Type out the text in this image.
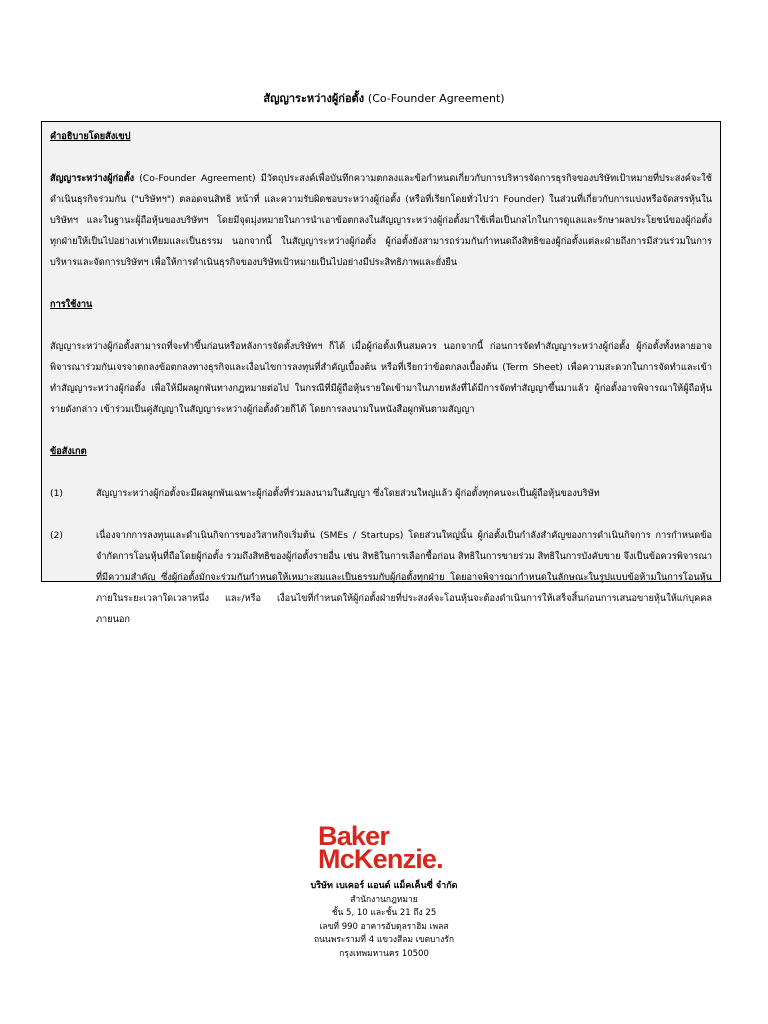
สัญญาระหว่างผู้ก่อตั้ง (Co-Founder Agreement)

คำอธิบายโดยสังเขป

สัญญาระหว่างผู้ก่อตั้ง (Co-Founder Agreement) มีวัตถุประสงค์เพื่อบันทึกความตกลงและข้อกำหนดเกี่ยวกับการบริหารจัดการธุรกิจของบริษัทเป้าหมายที่ประสงค์จะใช้ดำเนินธุรกิจร่วมกัน ("บริษัทฯ") ตลอดจนสิทธิ หน้าที่ และความรับผิดชอบระหว่างผู้ก่อตั้ง (หรือที่เรียกโดยทั่วไปว่า Founder) ในส่วนที่เกี่ยวกับการแบ่งหรือจัดสรรหุ้นในบริษัทฯ และในฐานะผู้ถือหุ้นของบริษัทฯ โดยมีจุดมุ่งหมายในการนำเอาข้อตกลงในสัญญาระหว่างผู้ก่อตั้งมาใช้เพื่อเป็นกลไกในการดูแลและรักษาผลประโยชน์ของผู้ก่อตั้งทุกฝ่ายให้เป็นไปอย่างเท่าเทียมและเป็นธรรม นอกจากนี้ ในสัญญาระหว่างผู้ก่อตั้ง ผู้ก่อตั้งยังสามารถร่วมกันกำหนดถึงสิทธิของผู้ก่อตั้งแต่ละฝ่ายถึงการมีส่วนร่วมในการบริหารและจัดการบริษัทฯ เพื่อให้การดำเนินธุรกิจของบริษัทเป้าหมายเป็นไปอย่างมีประสิทธิภาพและยั่งยืน

การใช้งาน

สัญญาระหว่างผู้ก่อตั้งสามารถที่จะทำขึ้นก่อนหรือหลังการจัดตั้งบริษัทฯ ก็ได้ เมื่อผู้ก่อตั้งเห็นสมควร นอกจากนี้ ก่อนการจัดทำสัญญาระหว่างผู้ก่อตั้ง ผู้ก่อตั้งทั้งหลายอาจพิจารณาร่วมกันเจรจาตกลงข้อตกลงทางธุรกิจและเงื่อนไขการลงทุนที่สำคัญเบื้องต้น หรือที่เรียกว่าข้อตกลงเบื้องต้น (Term Sheet) เพื่อความสะดวกในการจัดทำและเข้าทำสัญญาระหว่างผู้ก่อตั้ง เพื่อให้มีผลผูกพันทางกฎหมายต่อไป ในกรณีที่มีผู้ถือหุ้นรายใดเข้ามาในภายหลังที่ได้มีการจัดทำสัญญาขึ้นมาแล้ว ผู้ก่อตั้งอาจพิจารณาให้ผู้ถือหุ้นรายดังกล่าว เข้าร่วมเป็นคู่สัญญาในสัญญาระหว่างผู้ก่อตั้งด้วยก็ได้ โดยการลงนามในหนังสือผูกพันตามสัญญา

ข้อสังเกต

(1)	สัญญาระหว่างผู้ก่อตั้งจะมีผลผูกพันเฉพาะผู้ก่อตั้งที่ร่วมลงนามในสัญญา ซึ่งโดยส่วนใหญ่แล้ว ผู้ก่อตั้งทุกคนจะเป็นผู้ถือหุ้นของบริษัท
(2)	เนื่องจากการลงทุนและดำเนินกิจการของวิสาหกิจเริ่มต้น (SMEs / Startups) โดยส่วนใหญ่นั้น ผู้ก่อตั้งเป็นกำลังสำคัญของการดำเนินกิจการ การกำหนดข้อจำกัดการโอนหุ้นที่ถือโดยผู้ก่อตั้ง รวมถึงสิทธิของผู้ก่อตั้งรายอื่น เช่น สิทธิในการเลือกซื้อก่อน สิทธิในการขายร่วม สิทธิในการบังคับขาย จึงเป็นข้อควรพิจารณาที่มีความสำคัญ ซึ่งผู้ก่อตั้งมักจะร่วมกันกำหนดให้เหมาะสมและเป็นธรรมกับผู้ก่อตั้งทุกฝ่าย โดยอาจพิจารณากำหนดในลักษณะในรูปแบบข้อห้ามในการโอนหุ้นภายในระยะเวลาใดเวลาหนึ่ง และ/หรือ เงื่อนไขที่กำหนดให้ผู้ก่อตั้งฝ่ายที่ประสงค์จะโอนหุ้นจะต้องดำเนินการให้เสร็จสิ้นก่อนการเสนอขายหุ้นให้แก่บุคคลภายนอก
Baker
McKenzie.
บริษัท เบเคอร์ แอนด์ แม็คเค็นซี่ จำกัด
สำนักงานกฎหมาย
ชั้น 5, 10 และชั้น 21 ถึง 25
เลขที่ 990 อาคารอับดุลราฮิม เพลส
ถนนพระรามที่ 4 แขวงสีลม เขตบางรัก
กรุงเทพมหานคร 10500
